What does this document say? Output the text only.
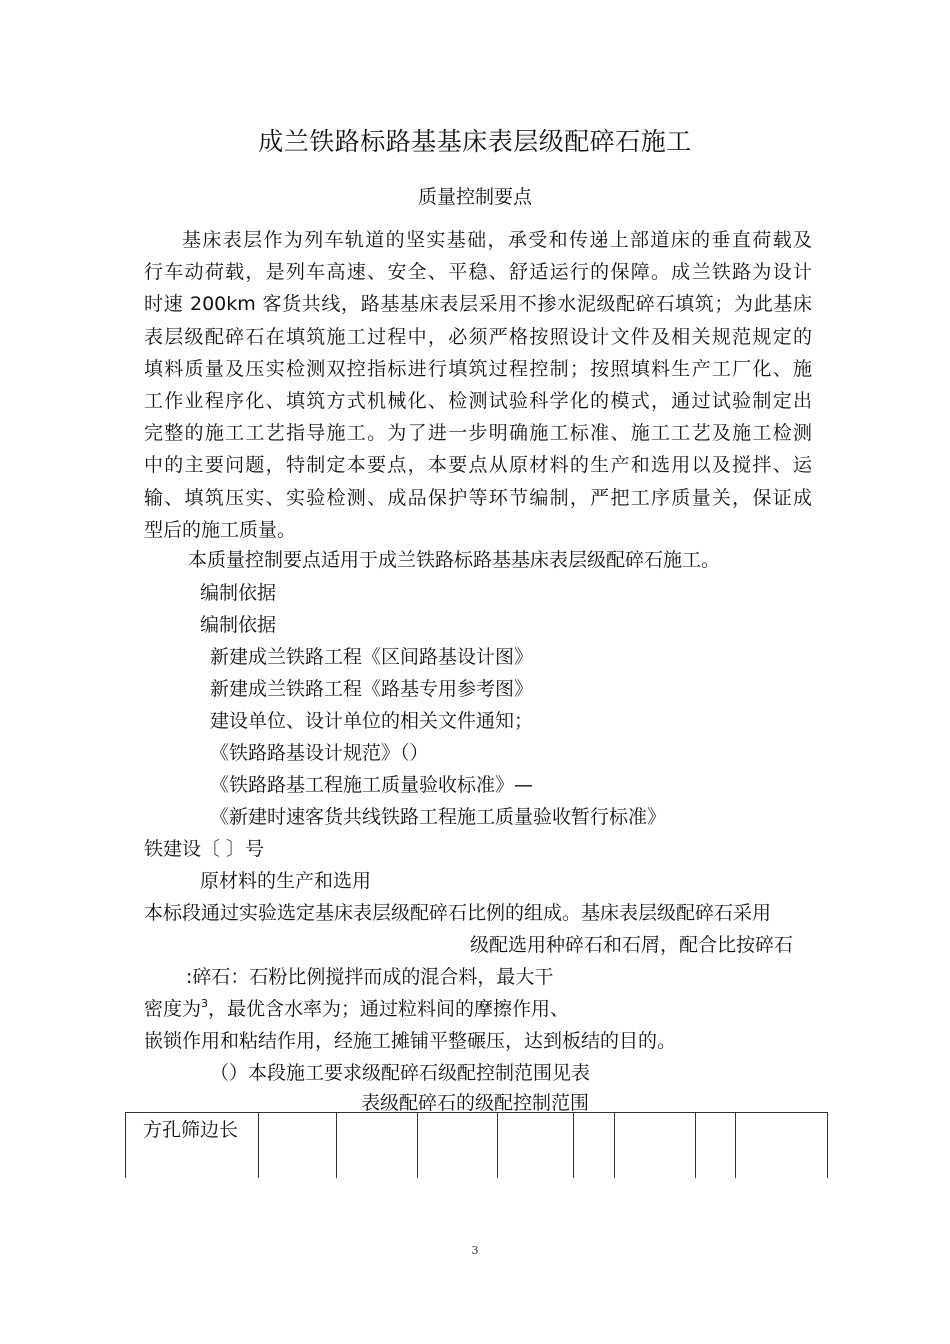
成兰铁路标路基基床表层级配碎石施工
质量控制要点

基床表层作为列车轨道的坚实基础，承受和传递上部道床的垂直荷载及

行车动荷载，是列车高速、安全、平稳、舒适运行的保障。成兰铁路为设计

时速 200km 客货共线，路基基床表层采用不掺水泥级配碎石填筑；为此基床

表层级配碎石在填筑施工过程中，必须严格按照设计文件及相关规范规定的

填料质量及压实检测双控指标进行填筑过程控制；按照填料生产工厂化、施

工作业程序化、填筑方式机械化、检测试验科学化的模式，通过试验制定出

完整的施工工艺指导施工。为了进一步明确施工标准、施工工艺及施工检测

中的主要问题，特制定本要点，本要点从原材料的生产和选用以及搅拌、运

输、填筑压实、实验检测、成品保护等环节编制，严把工序质量关，保证成

型后的施工质量。

本质量控制要点适用于成兰铁路标路基基床表层级配碎石施工。
编制依据
编制依据
新建成兰铁路工程《区间路基设计图》
新建成兰铁路工程《路基专用参考图》
建设单位、设计单位的相关文件通知；
《铁路路基设计规范》（）
《铁路路基工程施工质量验收标准》—
《新建时速客货共线铁路工程施工质量验收暂行标准》
铁建设〔 〕号
原材料的生产和选用
本标段通过实验选定基床表层级配碎石比例的组成。基床表层级配碎石采用
级配选用种碎石和石屑，配合比按碎石
:碎石：石粉比例搅拌而成的混合料，最大干
密度为$^3$，最优含水率为；通过粒料间的摩擦作用、
嵌锁作用和粘结作用，经施工摊铺平整碾压，达到板结的目的。
（）本段施工要求级配碎石级配控制范围见表
表级配碎石的级配控制范围
方孔筛边长								
3
